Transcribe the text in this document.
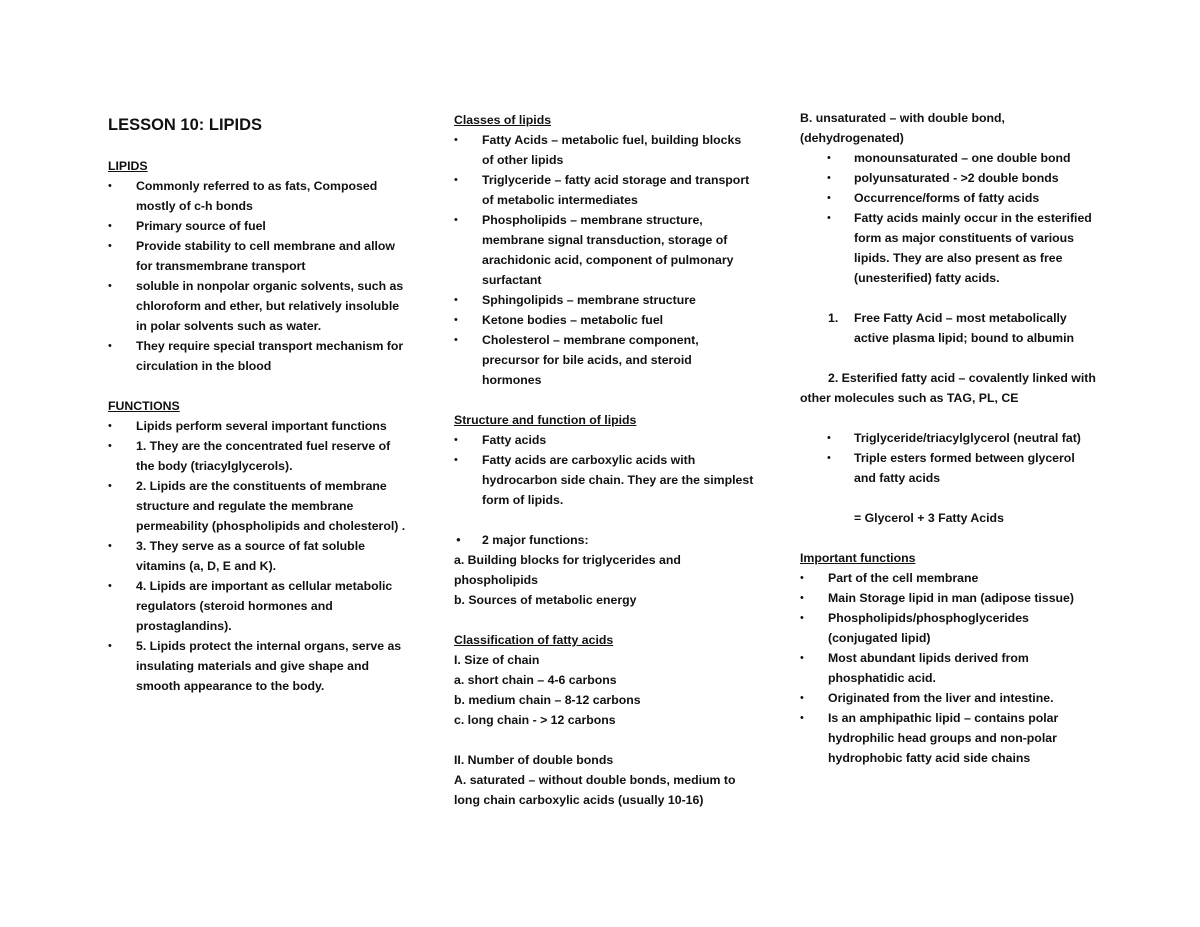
LESSON 10: LIPIDS
LIPIDS
• Commonly referred to as fats, Composed mostly of c-h bonds
• Primary source of fuel
• Provide stability to cell membrane and allow for transmembrane transport
• soluble in nonpolar organic solvents, such as chloroform and ether, but relatively insoluble in polar solvents such as water.
• They require special transport mechanism for circulation in the blood
FUNCTIONS
• Lipids perform several important functions
• 1. They are the concentrated fuel reserve of the body (triacylglycerols).
• 2. Lipids are the constituents of membrane structure and regulate the membrane permeability (phospholipids and cholesterol) .
• 3. They serve as a source of fat soluble vitamins (a, D, E and K).
• 4. Lipids are important as cellular metabolic regulators (steroid hormones and prostaglandins).
• 5. Lipids protect the internal organs, serve as insulating materials and give shape and smooth appearance to the body.
Classes of lipids
• Fatty Acids – metabolic fuel, building blocks of other lipids
• Triglyceride – fatty acid storage and transport of metabolic intermediates
• Phospholipids – membrane structure, membrane signal transduction, storage of arachidonic acid, component of pulmonary surfactant
• Sphingolipids – membrane structure
• Ketone bodies – metabolic fuel
• Cholesterol – membrane component, precursor for bile acids, and steroid hormones
Structure and function of lipids
• Fatty acids
• Fatty acids are carboxylic acids with hydrocarbon side chain. They are the simplest form of lipids.
● 2 major functions:
a. Building blocks for triglycerides and phospholipids
b. Sources of metabolic energy
Classification of fatty acids
I. Size of chain
a. short chain – 4-6 carbons
b. medium chain – 8-12 carbons
c. long chain - > 12 carbons
II. Number of double bonds
A. saturated – without double bonds, medium to long chain carboxylic acids (usually 10-16)
B. unsaturated – with double bond, (dehydrogenated)
• monounsaturated – one double bond
• polyunsaturated - >2 double bonds
• Occurrence/forms of fatty acids
• Fatty acids mainly occur in the esterified form as major constituents of various lipids. They are also present as free (unesterified) fatty acids.
1. Free Fatty Acid – most metabolically active plasma lipid; bound to albumin
2. Esterified fatty acid – covalently linked with other molecules such as TAG, PL, CE
• Triglyceride/triacylglycerol (neutral fat)
• Triple esters formed between glycerol and fatty acids
= Glycerol + 3 Fatty Acids
Important functions
• Part of the cell membrane
• Main Storage lipid in man (adipose tissue)
• Phospholipids/phosphoglycerides (conjugated lipid)
• Most abundant lipids derived from phosphatidic acid.
• Originated from the liver and intestine.
• Is an amphipathic lipid – contains polar hydrophilic head groups and non-polar hydrophobic fatty acid side chains
